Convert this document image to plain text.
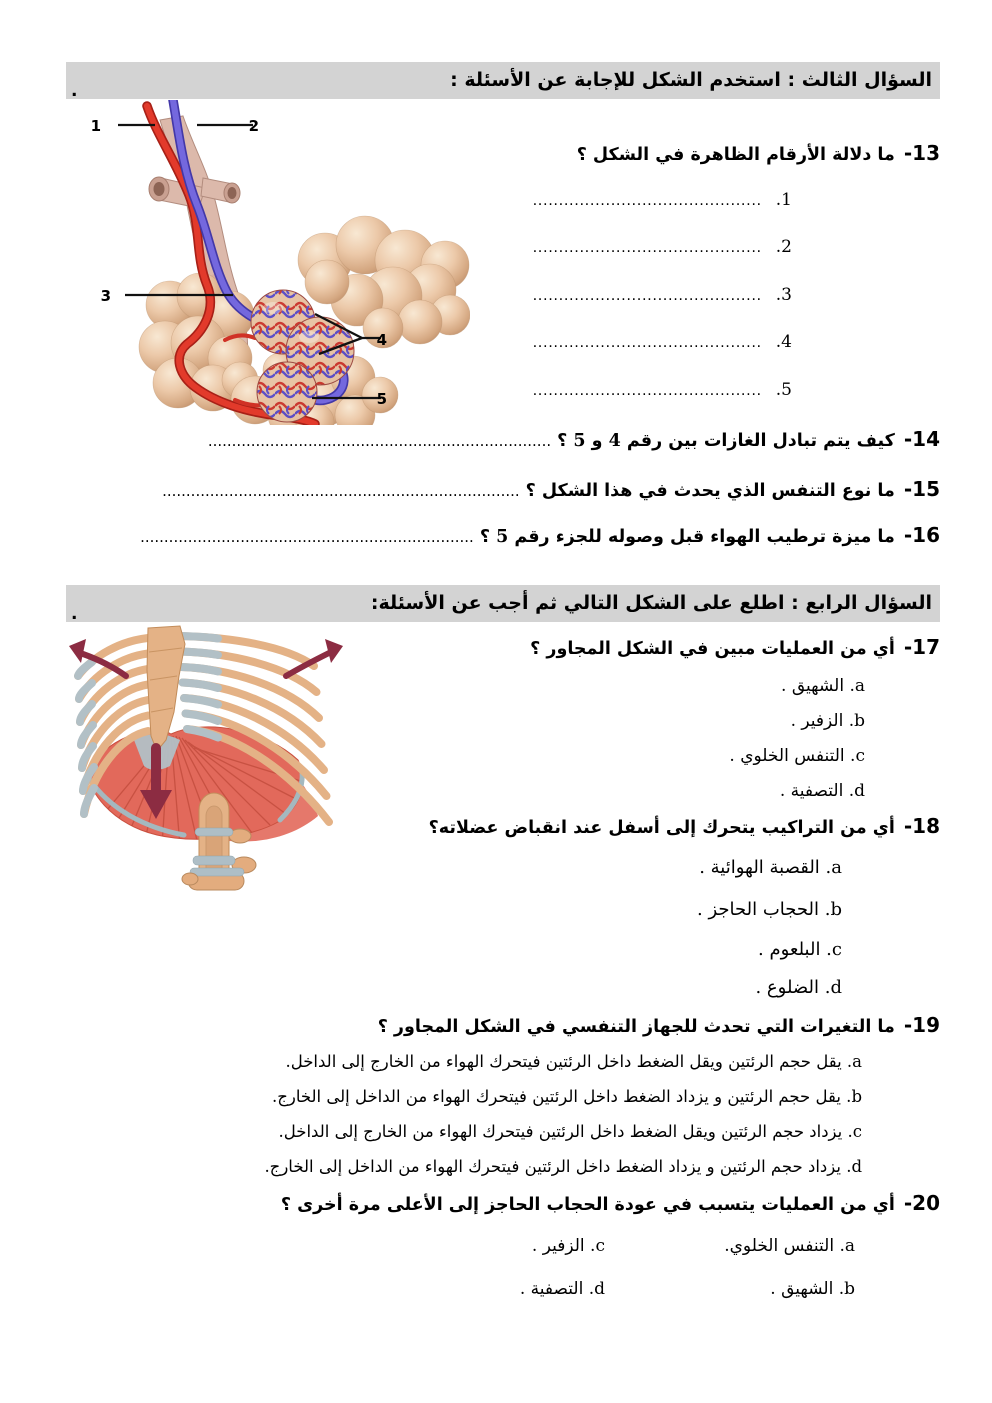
السؤال الثالث : استخدم الشكل للإجابة عن الأسئلة :
.
1	2
3
4
5
13-ما دلالة الأرقام الظاهرة في الشكل ؟
1.............................................
2.............................................
3.............................................
4.............................................
5.............................................
14-كيف يتم تبادل الغازات بين رقم 4 و 5 ؟........................................................................
15-ما نوع التنفس الذي يحدث في هذا الشكل ؟...........................................................................
16-ما ميزة ترطيب الهواء قبل وصوله للجزء رقم 5 ؟......................................................................
السؤال الرابع : اطلع على الشكل التالي ثم أجب عن الأسئلة:
.
17-أي من العمليات مبين في الشكل المجاور ؟
a. الشهيق .
b. الزفير .
c. التنفس الخلوي .
d. التصفية .
18-أي من التراكيب يتحرك إلى أسفل عند انقباض عضلاته؟
a. القصبة الهوائية .
b. الحجاب الحاجز .
c. البلعوم .
d. الضلوع .
19-ما التغيرات التي تحدث للجهاز التنفسي في الشكل المجاور ؟
a. يقل حجم الرئتين ويقل الضغط داخل الرئتين فيتحرك الهواء من الخارج إلى الداخل.
b. يقل حجم الرئتين و يزداد الضغط داخل الرئتين فيتحرك الهواء من الداخل إلى الخارج.
c. يزداد حجم الرئتين ويقل الضغط داخل الرئتين فيتحرك الهواء من الخارج إلى الداخل.
d. يزداد حجم الرئتين و يزداد الضغط داخل الرئتين فيتحرك الهواء من الداخل إلى الخارج.
20-أي من العمليات يتسبب في عودة الحجاب الحاجز إلى الأعلى مرة أخرى ؟
a. التنفس الخلوي.
c. الزفير .
b. الشهيق .
d. التصفية .
